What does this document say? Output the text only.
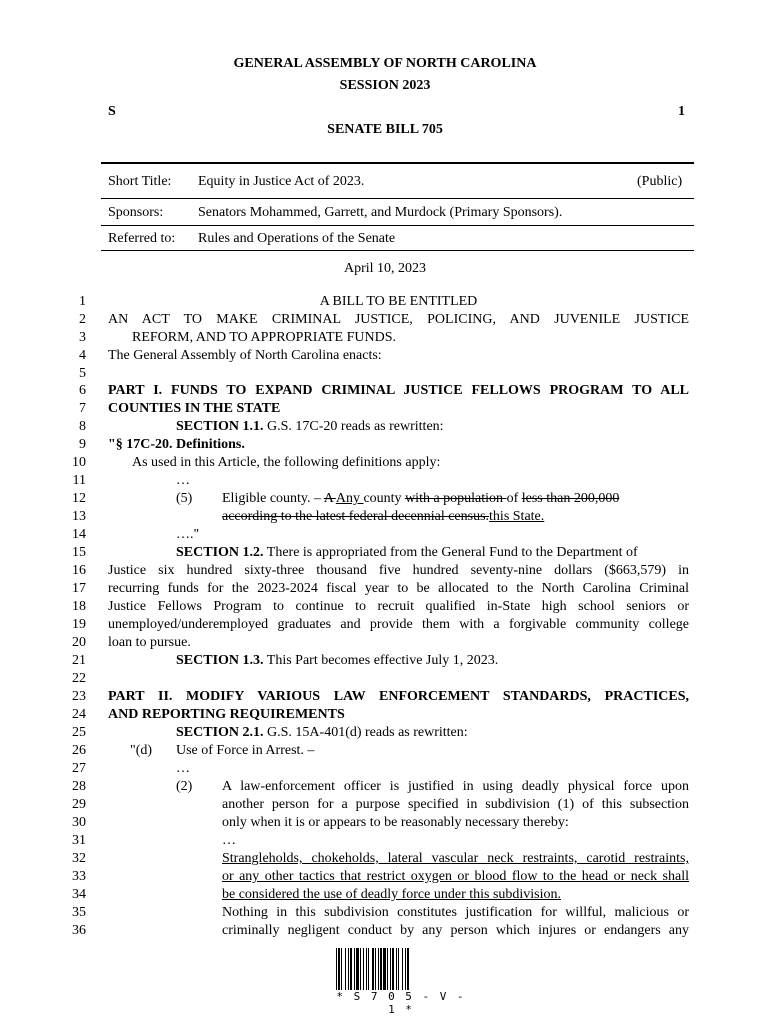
GENERAL ASSEMBLY OF NORTH CAROLINA
SESSION 2023
S	1
SENATE BILL 705
Short Title: Equity in Justice Act of 2023.	(Public)
Sponsors: Senators Mohammed, Garrett, and Murdock (Primary Sponsors).
Referred to: Rules and Operations of the Senate
April 10, 2023
1
2
3
4
5
6
7
8
9
10
11
12
13
14
15
16
17
18
19
20
21
22
23
24
25
26
27
28
29
30
31
32
33
34
35
36
A BILL TO BE ENTITLED
AN ACT TO MAKE CRIMINAL JUSTICE, POLICING, AND JUVENILE JUSTICE
REFORM, AND TO APPROPRIATE FUNDS.
The General Assembly of North Carolina enacts:
PART I. FUNDS TO EXPAND CRIMINAL JUSTICE FELLOWS PROGRAM TO ALL
COUNTIES IN THE STATE
SECTION 1.1. G.S. 17C-20 reads as rewritten:
"§ 17C-20. Definitions.
As used in this Article, the following definitions apply:
…
(5) Eligible county. – A Any county with a population of less than 200,000
according to the latest federal decennial census.this State.
…."
SECTION 1.2. There is appropriated from the General Fund to the Department of
Justice six hundred sixty-three thousand five hundred seventy-nine dollars ($663,579) in
recurring funds for the 2023-2024 fiscal year to be allocated to the North Carolina Criminal
Justice Fellows Program to continue to recruit qualified in-State high school seniors or
unemployed/underemployed graduates and provide them with a forgivable community college
loan to pursue.
SECTION 1.3. This Part becomes effective July 1, 2023.
PART II. MODIFY VARIOUS LAW ENFORCEMENT STANDARDS, PRACTICES,
AND REPORTING REQUIREMENTS
SECTION 2.1. G.S. 15A-401(d) reads as rewritten:
"(d) Use of Force in Arrest. –
…
(2) A law-enforcement officer is justified in using deadly physical force upon
another person for a purpose specified in subdivision (1) of this subsection
only when it is or appears to be reasonably necessary thereby:
…
Strangleholds, chokeholds, lateral vascular neck restraints, carotid restraints,
or any other tactics that restrict oxygen or blood flow to the head or neck shall
be considered the use of deadly force under this subdivision.
Nothing in this subdivision constitutes justification for willful, malicious or
criminally negligent conduct by any person which injures or endangers any
* S 7 0 5 - V - 1 *
